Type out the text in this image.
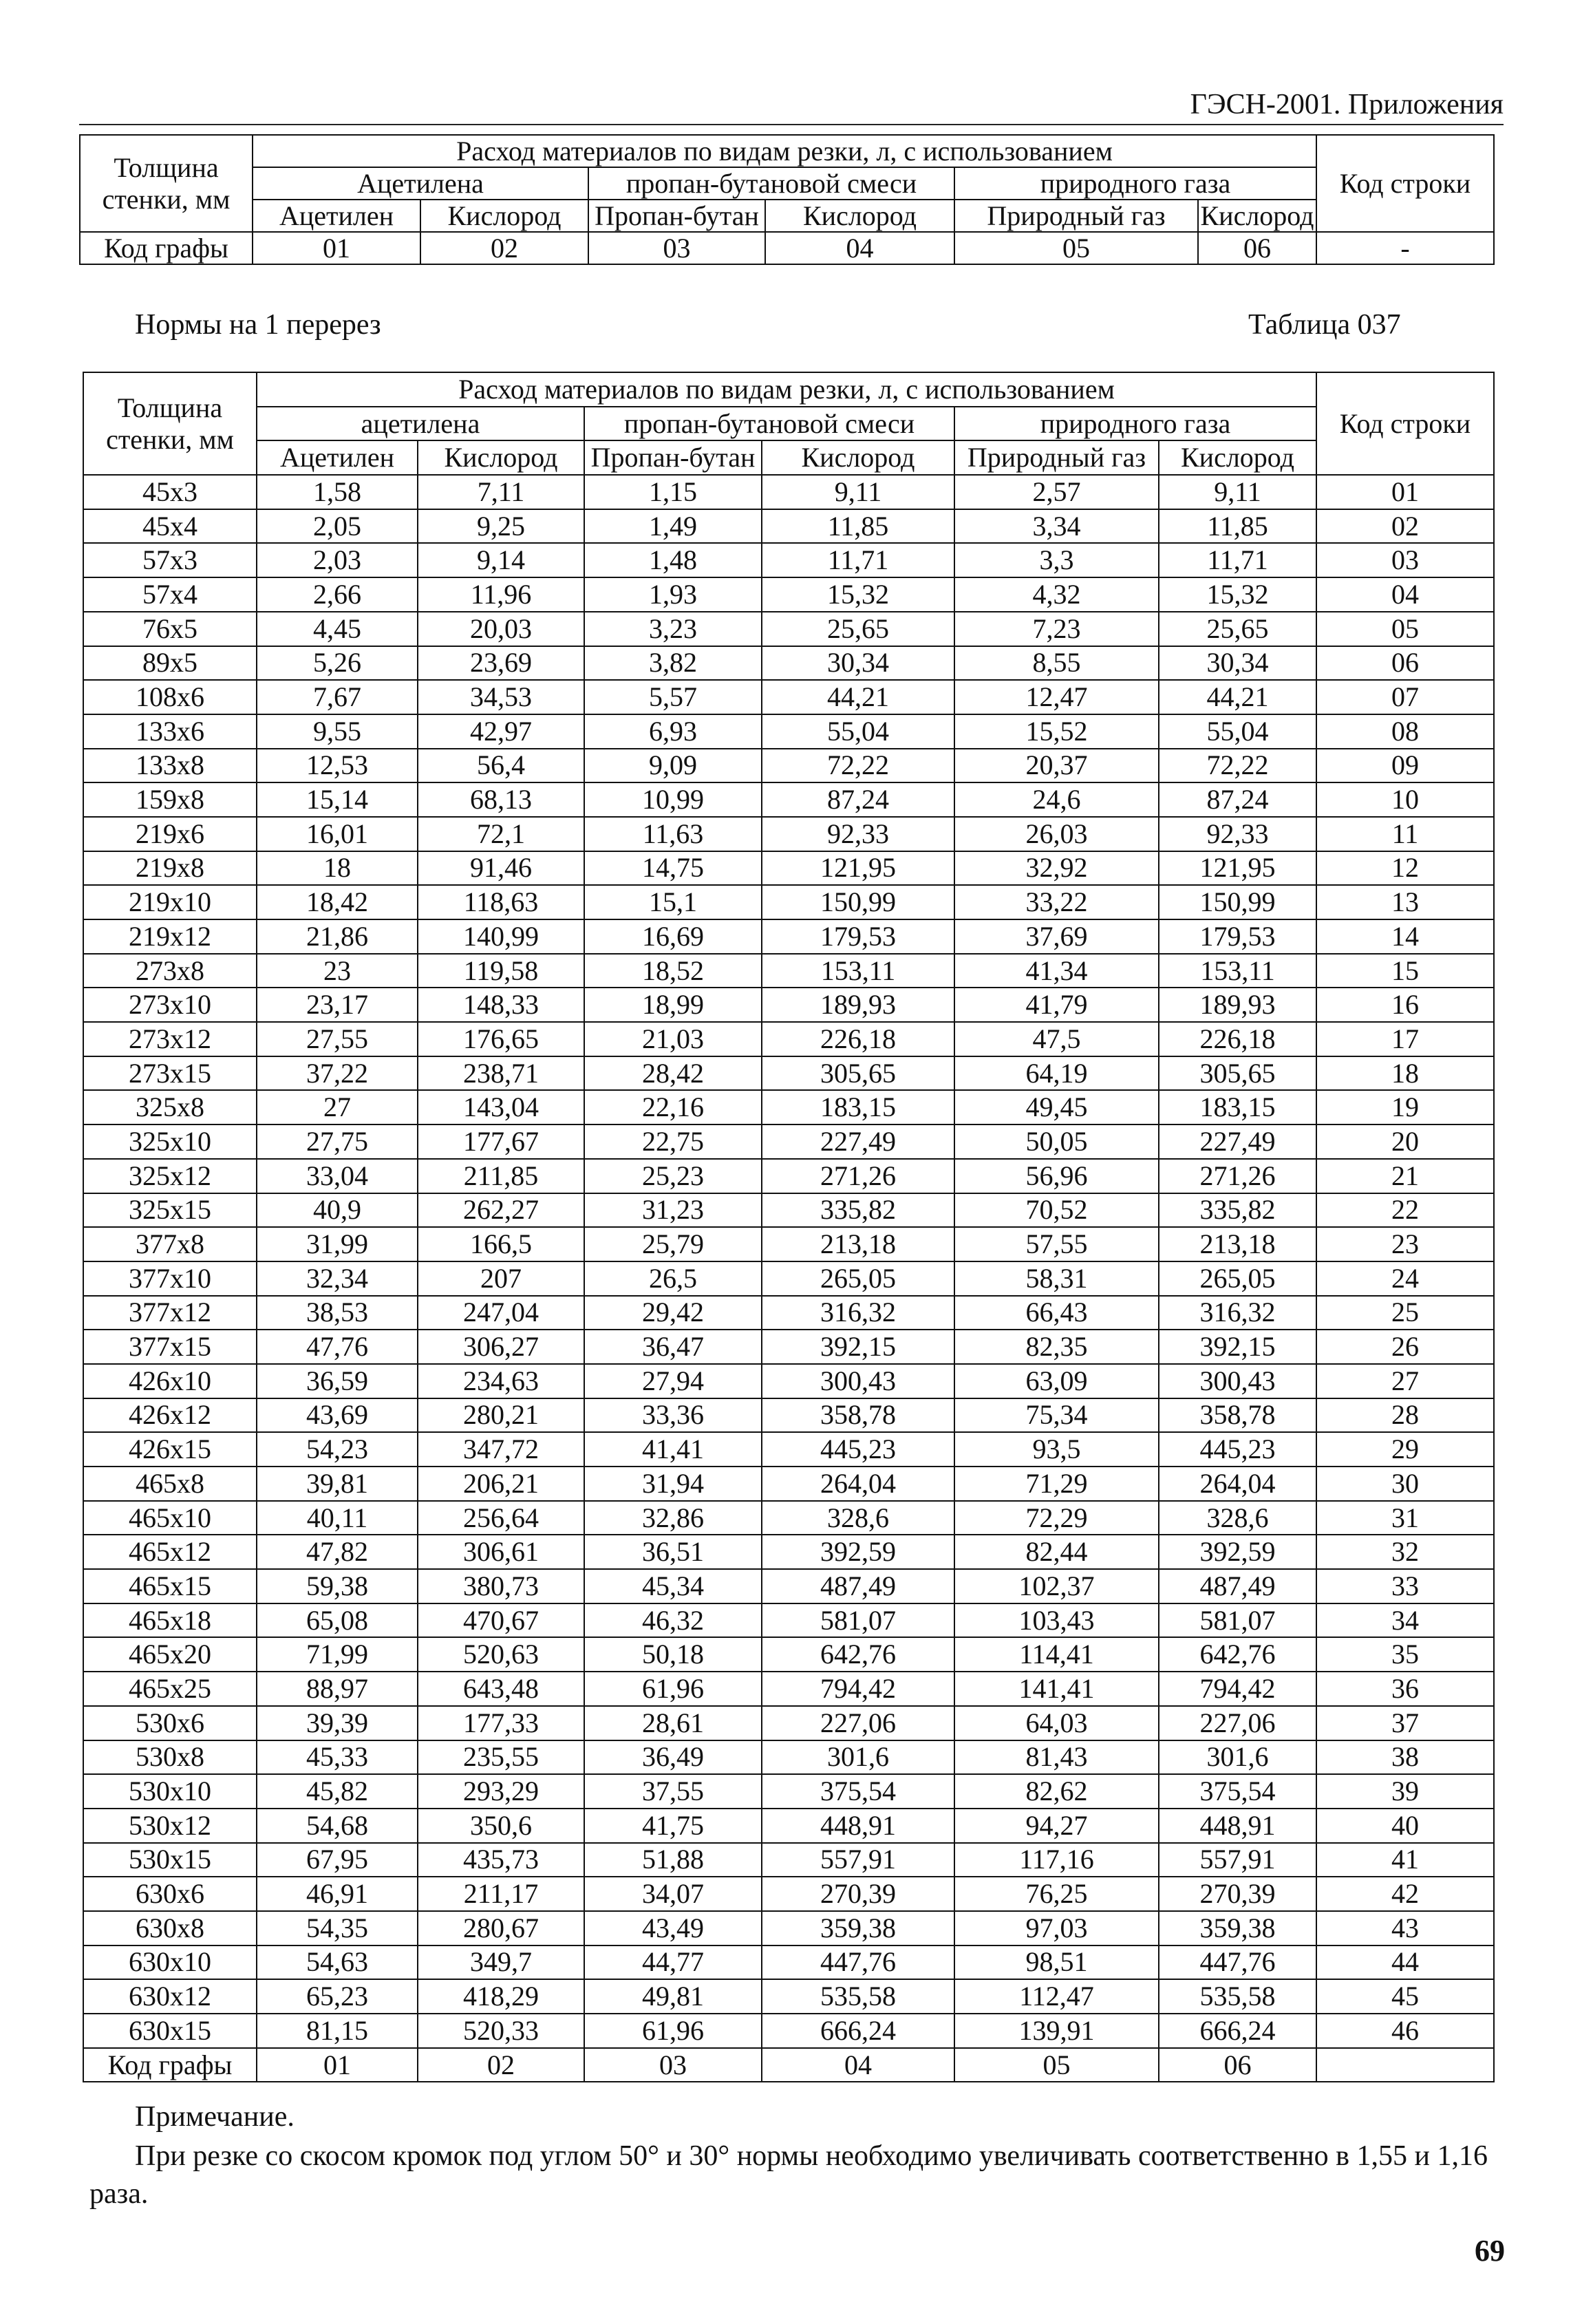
ГЭСН-2001. Приложения
Толщина стенки, мм	Расход материалов по видам резки, л, с использованием						Код строки
	Ацетилена		пропан-бутановой смеси		природного газа		
	Ацетилен	Кислород	Пропан-бутан	Кислород	Природный газ	Кислород	
Код графы	01	02	03	04	05	06	-
Нормы на 1 перерез	Таблица 037
Толщина стенки, мм	Расход материалов по видам резки, л, с использованием						Код строки
	ацетилена		пропан-бутановой смеси		природного газа		
	Ацетилен	Кислород	Пропан-бутан	Кислород	Природный газ	Кислород	
45x3	1,58	7,11	1,15	9,11	2,57	9,11	01
45x4	2,05	9,25	1,49	11,85	3,34	11,85	02
57x3	2,03	9,14	1,48	11,71	3,3	11,71	03
57x4	2,66	11,96	1,93	15,32	4,32	15,32	04
76x5	4,45	20,03	3,23	25,65	7,23	25,65	05
89x5	5,26	23,69	3,82	30,34	8,55	30,34	06
108x6	7,67	34,53	5,57	44,21	12,47	44,21	07
133x6	9,55	42,97	6,93	55,04	15,52	55,04	08
133x8	12,53	56,4	9,09	72,22	20,37	72,22	09
159x8	15,14	68,13	10,99	87,24	24,6	87,24	10
219x6	16,01	72,1	11,63	92,33	26,03	92,33	11
219x8	18	91,46	14,75	121,95	32,92	121,95	12
219x10	18,42	118,63	15,1	150,99	33,22	150,99	13
219x12	21,86	140,99	16,69	179,53	37,69	179,53	14
273x8	23	119,58	18,52	153,11	41,34	153,11	15
273x10	23,17	148,33	18,99	189,93	41,79	189,93	16
273x12	27,55	176,65	21,03	226,18	47,5	226,18	17
273x15	37,22	238,71	28,42	305,65	64,19	305,65	18
325x8	27	143,04	22,16	183,15	49,45	183,15	19
325x10	27,75	177,67	22,75	227,49	50,05	227,49	20
325x12	33,04	211,85	25,23	271,26	56,96	271,26	21
325x15	40,9	262,27	31,23	335,82	70,52	335,82	22
377x8	31,99	166,5	25,79	213,18	57,55	213,18	23
377x10	32,34	207	26,5	265,05	58,31	265,05	24
377x12	38,53	247,04	29,42	316,32	66,43	316,32	25
377x15	47,76	306,27	36,47	392,15	82,35	392,15	26
426x10	36,59	234,63	27,94	300,43	63,09	300,43	27
426x12	43,69	280,21	33,36	358,78	75,34	358,78	28
426x15	54,23	347,72	41,41	445,23	93,5	445,23	29
465x8	39,81	206,21	31,94	264,04	71,29	264,04	30
465x10	40,11	256,64	32,86	328,6	72,29	328,6	31
465x12	47,82	306,61	36,51	392,59	82,44	392,59	32
465x15	59,38	380,73	45,34	487,49	102,37	487,49	33
465x18	65,08	470,67	46,32	581,07	103,43	581,07	34
465x20	71,99	520,63	50,18	642,76	114,41	642,76	35
465x25	88,97	643,48	61,96	794,42	141,41	794,42	36
530x6	39,39	177,33	28,61	227,06	64,03	227,06	37
530x8	45,33	235,55	36,49	301,6	81,43	301,6	38
530x10	45,82	293,29	37,55	375,54	82,62	375,54	39
530x12	54,68	350,6	41,75	448,91	94,27	448,91	40
530x15	67,95	435,73	51,88	557,91	117,16	557,91	41
630x6	46,91	211,17	34,07	270,39	76,25	270,39	42
630x8	54,35	280,67	43,49	359,38	97,03	359,38	43
630x10	54,63	349,7	44,77	447,76	98,51	447,76	44
630x12	65,23	418,29	49,81	535,58	112,47	535,58	45
630x15	81,15	520,33	61,96	666,24	139,91	666,24	46
Код графы	01	02	03	04	05	06	
Примечание.
При резке со скосом кромок под углом 50° и 30° нормы необходимо увеличивать соответственно в 1,55 и 1,16 раза.
69
